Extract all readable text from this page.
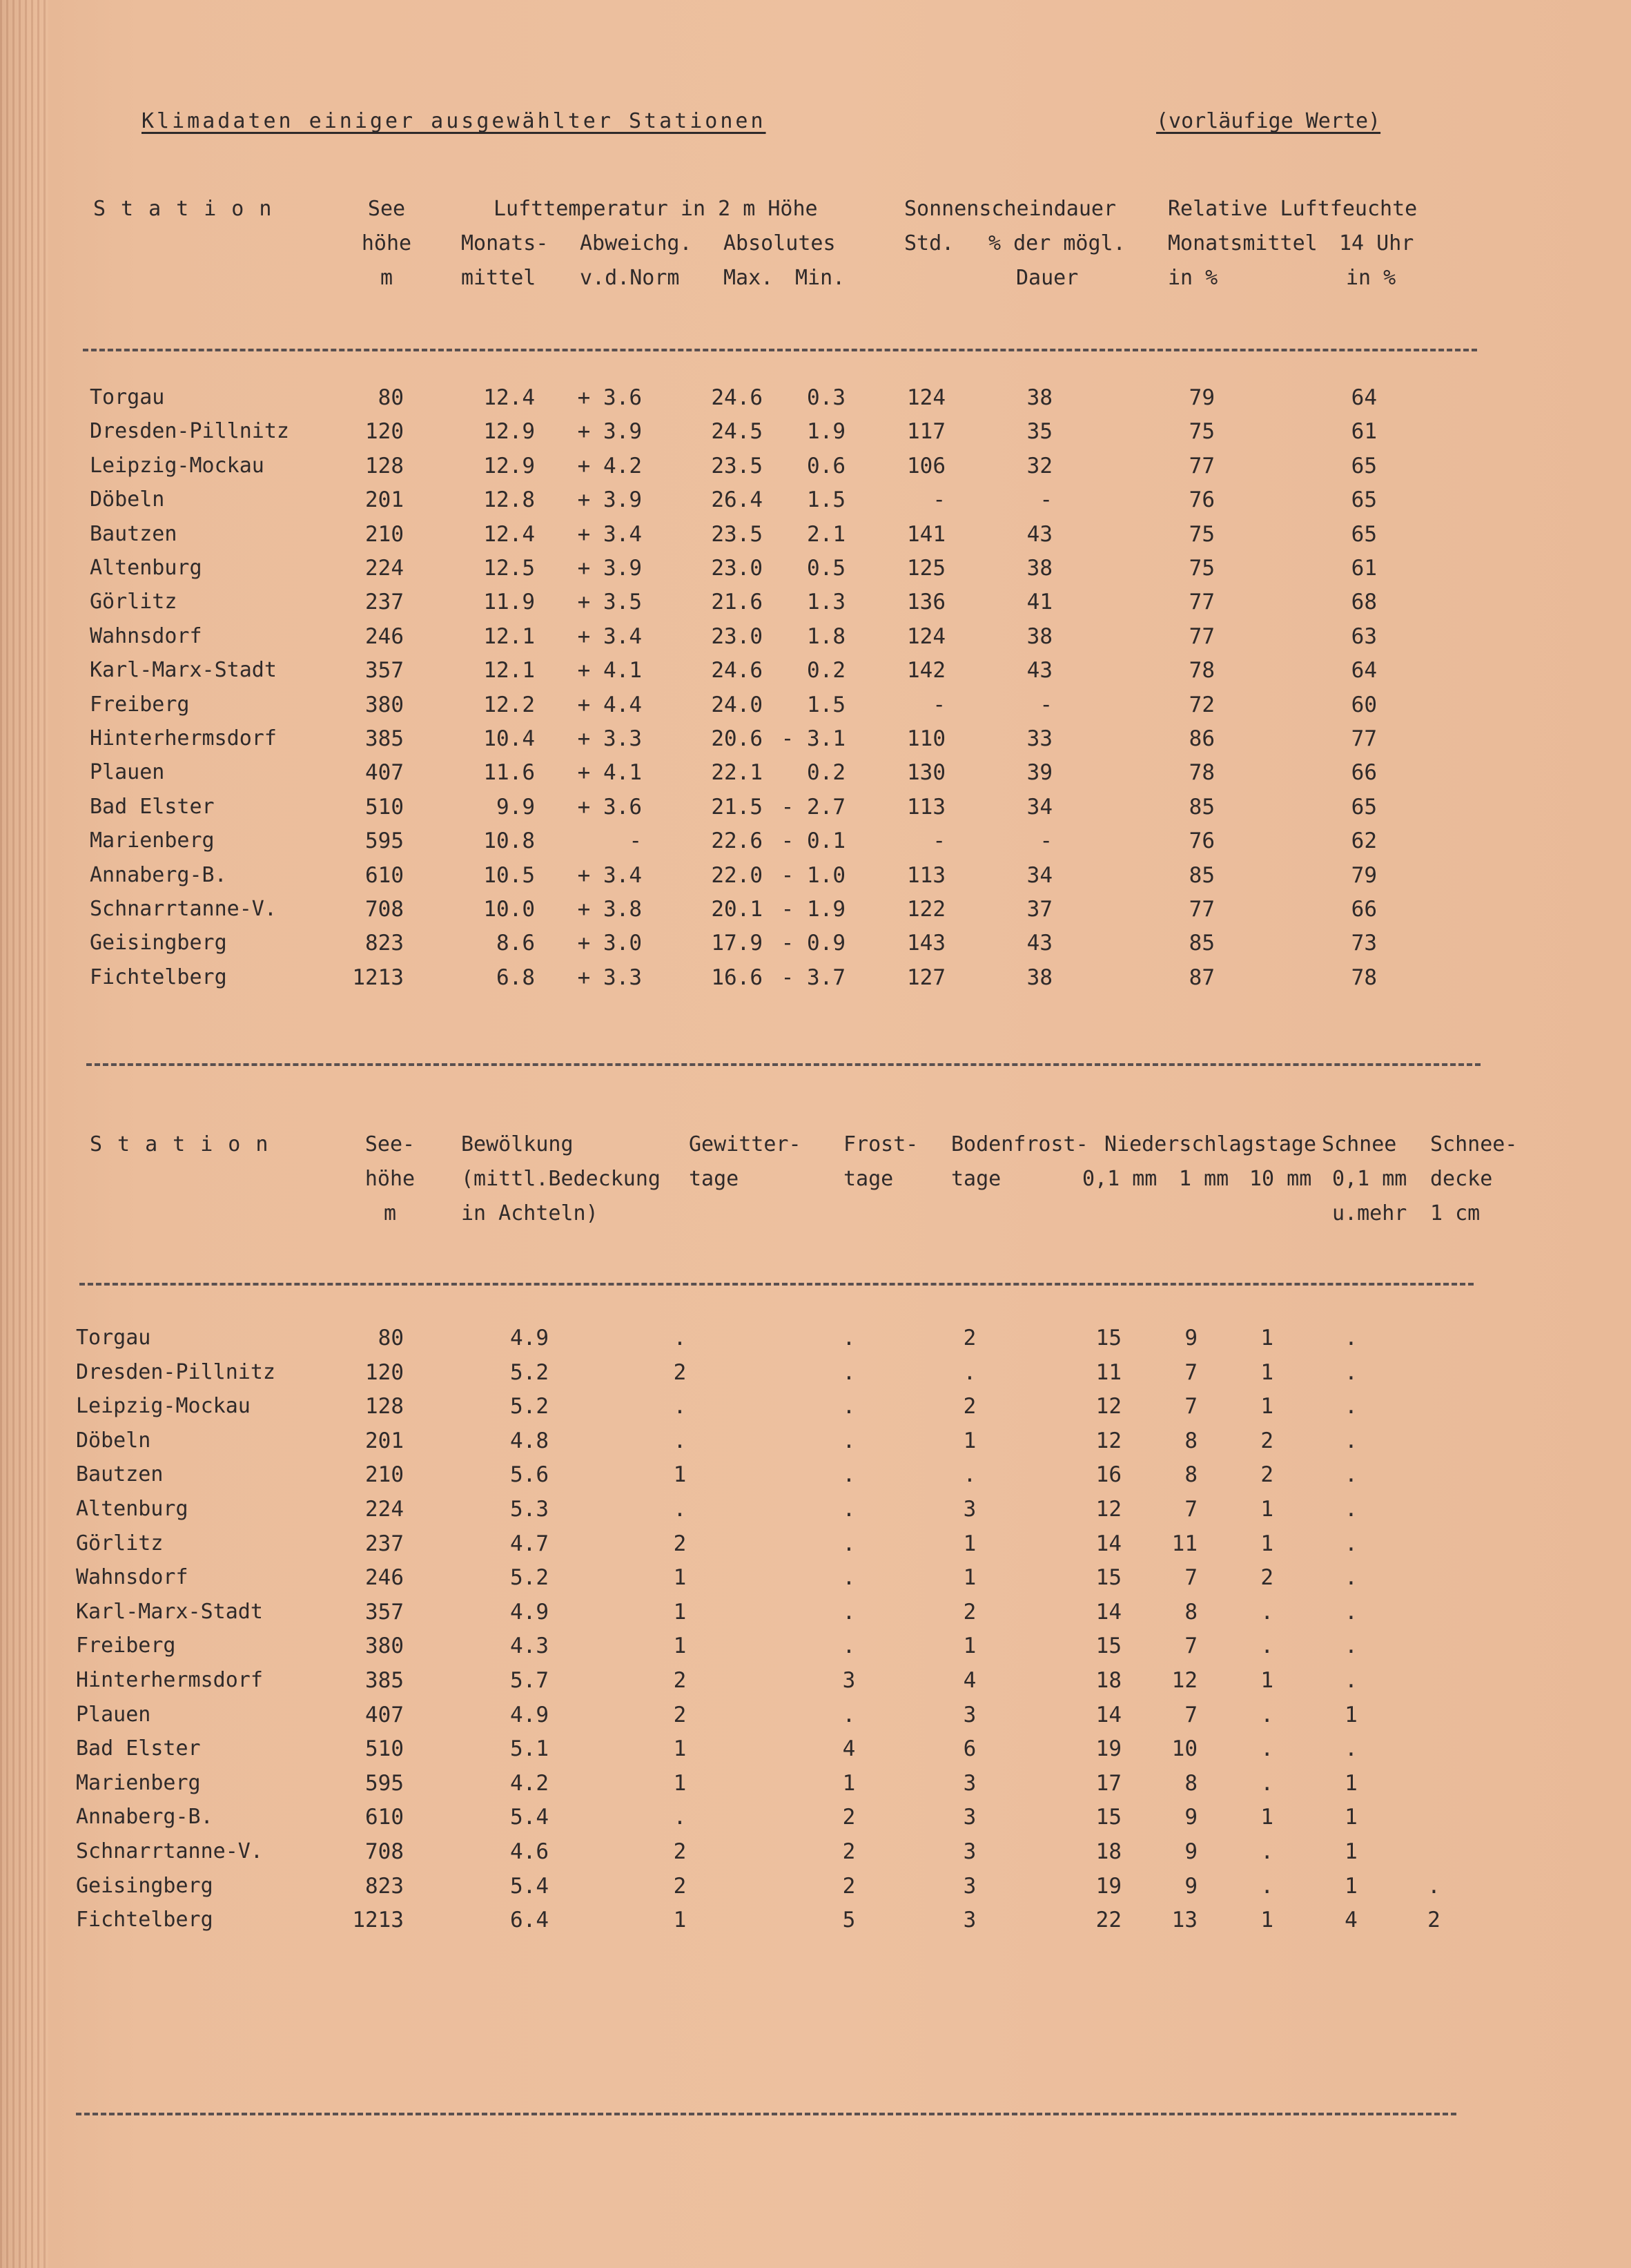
Klimadaten einiger ausgewählter Stationen	(vorläufige Werte)
Station	See
höhe
m
Lufttemperatur in 2 m Höhe
Monats-
mittel
Abweichg.
v.d.Norm
Absolutes
Max. Min.
Sonnenscheindauer
Std. % der mögl.
Dauer
Relative Luftfeuchte
Monatsmittel
in %
14 Uhr
in %
Torgau	80	12.4	+ 3.6	24.6	0.3	124	38	79	64
Dresden-Pillnitz	120	12.9	+ 3.9	24.5	1.9	117	35	75	61
Leipzig-Mockau	128	12.9	+ 4.2	23.5	0.6	106	32	77	65
Döbeln	201	12.8	+ 3.9	26.4	1.5	-	-	76	65
Bautzen	210	12.4	+ 3.4	23.5	2.1	141	43	75	65
Altenburg	224	12.5	+ 3.9	23.0	0.5	125	38	75	61
Görlitz	237	11.9	+ 3.5	21.6	1.3	136	41	77	68
Wahnsdorf	246	12.1	+ 3.4	23.0	1.8	124	38	77	63
Karl-Marx-Stadt	357	12.1	+ 4.1	24.6	0.2	142	43	78	64
Freiberg	380	12.2	+ 4.4	24.0	1.5	-	-	72	60
Hinterhermsdorf	385	10.4	+ 3.3	20.6 - 3.1	110	33	86	77
Plauen	407	11.6	+ 4.1	22.1	0.2	130	39	78	66
Bad Elster	510	9.9	+ 3.6	21.5 - 2.7	113	34	85	65
Marienberg	595	10.8	-	22.6 - 0.1	-	-	76	62
Annaberg-B.	610	10.5	+ 3.4	22.0 - 1.0	113	34	85	79
Schnarrtanne-V.	708	10.0	+ 3.8	20.1 - 1.9	122	37	77	66
Geisingberg	823	8.6	+ 3.0	17.9 - 0.9	143	43	85	73
Fichtelberg	1213	6.8	+ 3.3	16.6 - 3.7	127	38	87	78
Station	See-
höhe
m
Bewölkung
(mittl.Bedeckung
in Achteln)
Gewitter-
tage
Frost-
tage
Bodenfrost-
tage
Niederschlagstage
0,1 mm 1 mm 10 mm
Schnee
0,1 mm
u.mehr
Schnee-
decke
1 cm
Torgau	80	4.9	.	.	2	15	9	1	.
Dresden-Pillnitz	120	5.2	2	.	.	11	7	1	.
Leipzig-Mockau	128	5.2	.	.	2	12	7	1	.
Döbeln	201	4.8	.	.	1	12	8	2	.
Bautzen	210	5.6	1	.	.	16	8	2	.
Altenburg	224	5.3	.	.	3	12	7	1	.
Görlitz	237	4.7	2	.	1	14	11	1	.
Wahnsdorf	246	5.2	1	.	1	15	7	2	.
Karl-Marx-Stadt	357	4.9	1	.	2	14	8	.	.
Freiberg	380	4.3	1	.	1	15	7	.	.
Hinterhermsdorf	385	5.7	2	3	4	18	12	1	.
Plauen	407	4.9	2	.	3	14	7	.	1
Bad Elster	510	5.1	1	4	6	19	10	.	.
Marienberg	595	4.2	1	1	3	17	8	.	1
Annaberg-B.	610	5.4	.	2	3	15	9	1	1
Schnarrtanne-V.	708	4.6	2	2	3	18	9	.	1
Geisingberg	823	5.4	2	2	3	19	9	.	1	.
Fichtelberg	1213	6.4	1	5	3	22	13	1	4	2
